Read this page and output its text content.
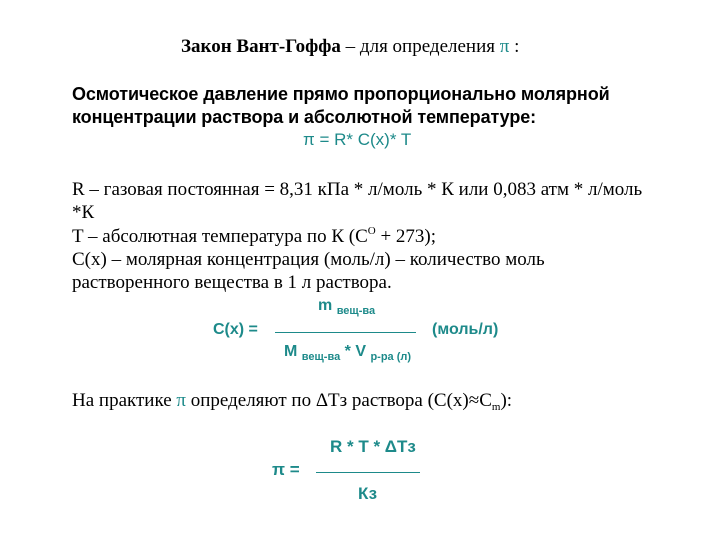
Закон Вант-Гоффа – для определения π :
Осмотическое давление прямо пропорционально молярной
концентрации раствора и абсолютной температуре:
π = R* C(x)* T
R – газовая постоянная = 8,31 кПа * л/моль * К или 0,083 атм * л/моль
*К
T – абсолютная температура по К $(С^О + 273)$;
С(х) – молярная концентрация (моль/л) – количество моль
растворенного вещества в 1 л раствора.
m $_{вещ-ва}$
С(х) =	(моль/л)
M $_{вещ-ва}$ * V $_{р-ра (л)}$
На практике π определяют по ΔТз раствора $(С(х)\approx С_m)$:
R * T * ΔTз
π =
Кз
